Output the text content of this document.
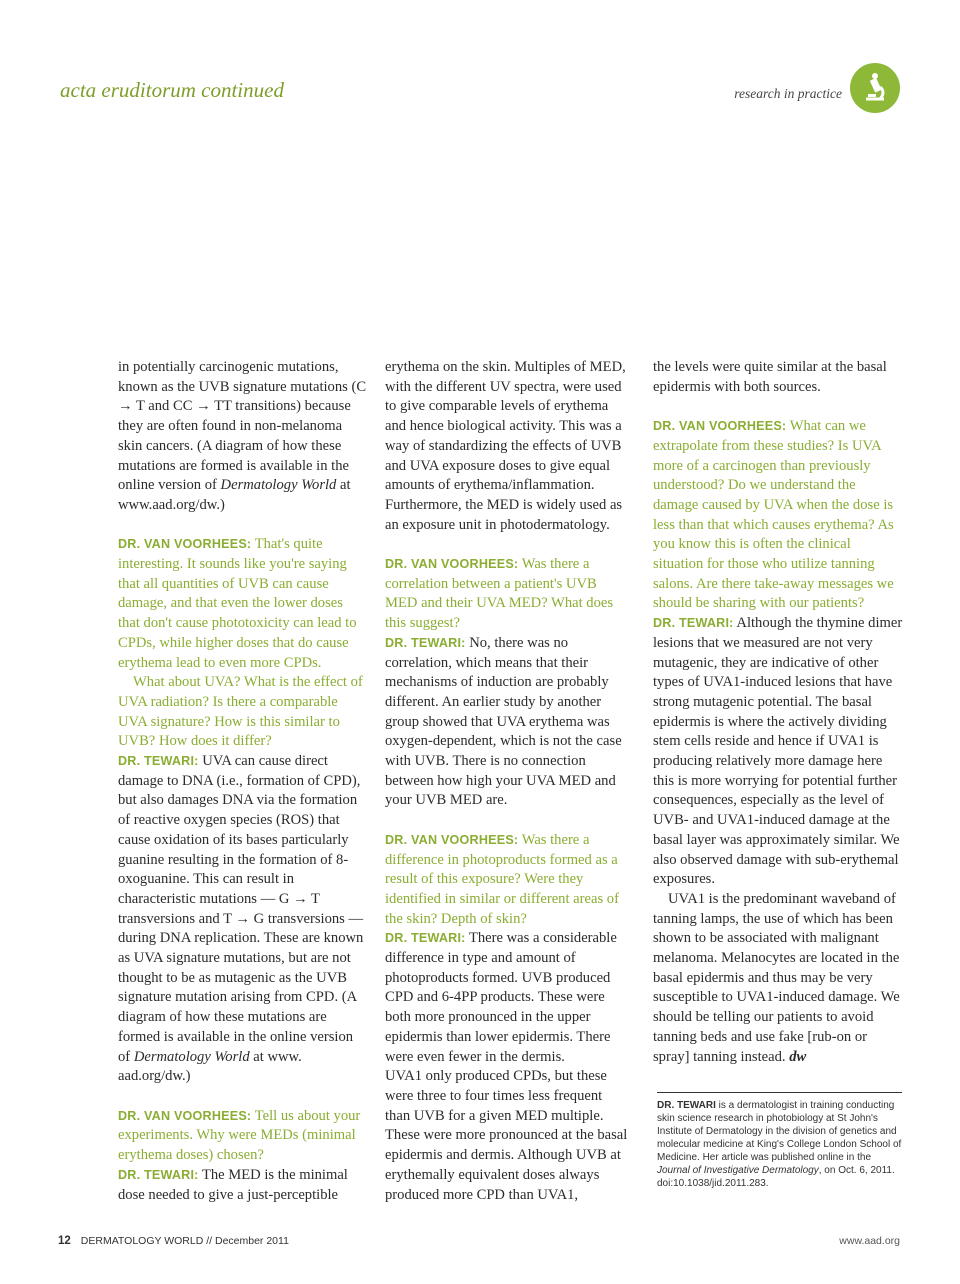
acta eruditorum continued	research in practice

in potentially carcinogenic mutations, known as the UVB signature mutations (C → T and CC → TT transitions) because they are often found in non-melanoma skin cancers. (A diagram of how these mutations are formed is available in the online version of Dermatology World at www.aad.org/dw.)

DR. VAN VOORHEES: That's quite interesting. It sounds like you're saying that all quantities of UVB can cause damage, and that even the lower doses that don't cause phototoxicity can lead to CPDs, while higher doses that do cause erythema lead to even more CPDs.

What about UVA? What is the effect of UVA radiation? Is there a comparable UVA signature? How is this similar to UVB? How does it differ?

DR. TEWARI: UVA can cause direct damage to DNA (i.e., formation of CPD), but also damages DNA via the formation of reactive oxygen species (ROS) that cause oxidation of its bases particularly guanine resulting in the formation of 8-oxoguanine. This can result in characteristic mutations — G → T transversions and T → G transversions — during DNA replication. These are known as UVA signature mutations, but are not thought to be as mutagenic as the UVB signature mutation arising from CPD. (A diagram of how these mutations are formed is available in the online version of Dermatology World at www. aad.org/dw.)

DR. VAN VOORHEES: Tell us about your experiments. Why were MEDs (minimal erythema doses) chosen?

DR. TEWARI: The MED is the minimal dose needed to give a just-perceptible

erythema on the skin. Multiples of MED, with the different UV spectra, were used to give comparable levels of erythema and hence biological activity. This was a way of standardizing the effects of UVB and UVA exposure doses to give equal amounts of erythema/inflammation. Furthermore, the MED is widely used as an exposure unit in photodermatology.

DR. VAN VOORHEES: Was there a correlation between a patient's UVB MED and their UVA MED? What does this suggest?

DR. TEWARI: No, there was no correlation, which means that their mechanisms of induction are probably different. An earlier study by another group showed that UVA erythema was oxygen-dependent, which is not the case with UVB. There is no connection between how high your UVA MED and your UVB MED are.

DR. VAN VOORHEES: Was there a difference in photoproducts formed as a result of this exposure? Were they identified in similar or different areas of the skin? Depth of skin?

DR. TEWARI: There was a considerable difference in type and amount of photoproducts formed. UVB produced CPD and 6-4PP products. These were both more pronounced in the upper epidermis than lower epidermis. There were even fewer in the dermis.

UVA1 only produced CPDs, but these were three to four times less frequent than UVB for a given MED multiple. These were more pronounced at the basal epidermis and dermis. Although UVB at erythemally equivalent doses always produced more CPD than UVA1,

the levels were quite similar at the basal epidermis with both sources.

DR. VAN VOORHEES: What can we extrapolate from these studies? Is UVA more of a carcinogen than previously understood? Do we understand the damage caused by UVA when the dose is less than that which causes erythema? As you know this is often the clinical situation for those who utilize tanning salons. Are there take-away messages we should be sharing with our patients?

DR. TEWARI: Although the thymine dimer lesions that we measured are not very mutagenic, they are indicative of other types of UVA1-induced lesions that have strong mutagenic potential. The basal epidermis is where the actively dividing stem cells reside and hence if UVA1 is producing relatively more damage here this is more worrying for potential further consequences, especially as the level of UVB- and UVA1-induced damage at the basal layer was approximately similar. We also observed damage with sub-erythemal exposures.

UVA1 is the predominant waveband of tanning lamps, the use of which has been shown to be associated with malignant melanoma. Melanocytes are located in the basal epidermis and thus may be very susceptible to UVA1-induced damage. We should be telling our patients to avoid tanning beds and use fake [rub-on or spray] tanning instead. dw

DR. TEWARI is a dermatologist in training conducting skin science research in photobiology at St John's Institute of Dermatology in the division of genetics and molecular medicine at King's College London School of Medicine. Her article was published online in the Journal of Investigative Dermatology, on Oct. 6, 2011. doi:10.1038/jid.2011.283.
12 DERMATOLOGY WORLD // December 2011	www.aad.org
